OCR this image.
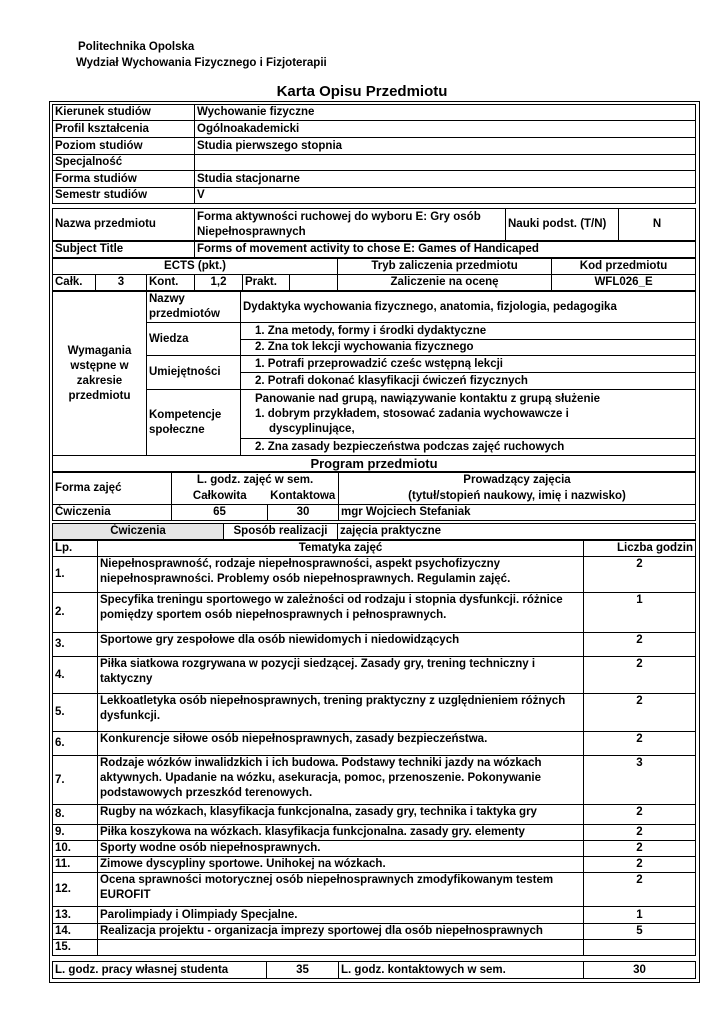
Politechnika Opolska
Wydział Wychowania Fizycznego i Fizjoterapii
Karta Opisu Przedmiotu
Kierunek studiów	Wychowanie fizyczne
Profil kształcenia	Ogólnoakademicki
Poziom studiów	Studia pierwszego stopnia
Specjalność	
Forma studiów	Studia stacjonarne
Semestr studiów	V
Nazwa przedmiotu	Forma aktywności ruchowej do wyboru E: Gry osób Niepełnosprawnych	Nauki podst. (T/N)	N
Subject Title	Forms of movement activity to chose E: Games of Handicaped
ECTS (pkt.)						Tryb zaliczenia przedmiotu	Kod przedmiotu
Całk.	3	Kont.	1,2	Prakt.		Zaliczenie na ocenę	WFL026_E
Wymagania wstępne w zakresie przedmiotu	Nazwy przedmiotów	Dydaktyka wychowania fizycznego, anatomia, fizjologia, pedagogika
	Wiedza	1. Zna metody, formy i środki dydaktyczne
		2. Zna tok lekcji wychowania fizycznego
	Umiejętności	1. Potrafi przeprowadzić cześc wstępną lekcji
		2. Potrafi dokonać klasyfikacji ćwiczeń fizycznych
	Kompetencje społeczne	Panowanie nad grupą, nawiązywanie kontaktu z grupą służenie
1. dobrym przykładem, stosować zadania wychowawcze i
dyscyplinujące,

		2. Zna zasady bezpieczeństwa podczas zajęć ruchowych
Program przedmiotu
Forma zajęć	L. godz. zajęć w sem.		Prowadzący zajęcia
	Całkowita	Kontaktowa	(tytuł/stopień naukowy, imię i nazwisko)
Ćwiczenia	65	30	mgr Wojciech Stefaniak
Ćwiczenia	Sposób realizacji	zajęcia praktyczne
Lp.	Tematyka zajęć	Liczba godzin
1.	Niepełnosprawność, rodzaje niepełnosprawności, aspekt psychofizyczny niepełnosprawności. Problemy osób niepełnosprawnych. Regulamin zajęć.	2
2.	Specyfika treningu sportowego w zależności od rodzaju i stopnia dysfunkcji. różnice pomiędzy sportem osób niepełnosprawnych i pełnosprawnych.	1
3.	Sportowe gry zespołowe dla osób niewidomych i niedowidzących	2
4.	Piłka siatkowa rozgrywana w pozycji siedzącej. Zasady gry, trening techniczny i taktyczny	2
5.	Lekkoatletyka osób niepełnosprawnych, trening praktyczny z uzględnieniem różnych dysfunkcji.	2
6.	Konkurencje siłowe osób niepełnosprawnych, zasady bezpieczeństwa.	2
7.	Rodzaje wózków inwalidzkich i ich budowa. Podstawy techniki jazdy na wózkach aktywnych. Upadanie na wózku, asekuracja, pomoc, przenoszenie. Pokonywanie podstawowych przeszkód terenowych.	3
8.	Rugby na wózkach, klasyfikacja funkcjonalna, zasady gry, technika i taktyka gry	2
9.	Piłka koszykowa na wózkach. klasyfikacja funkcjonalna. zasady gry. elementy	2
10.	Sporty wodne osób niepełnosprawnych.	2
11.	Zimowe dyscypliny sportowe. Unihokej na wózkach.	2
12.	Ocena sprawności motorycznej osób niepełnosprawnych zmodyfikowanym testem EUROFIT	2
13.	Parolimpiady i Olimpiady Specjalne.	1
14.	Realizacja projektu - organizacja imprezy sportowej dla osób niepełnosprawnych	5
15.		
L. godz. pracy własnej studenta	35	L. godz. kontaktowych w sem.	30
